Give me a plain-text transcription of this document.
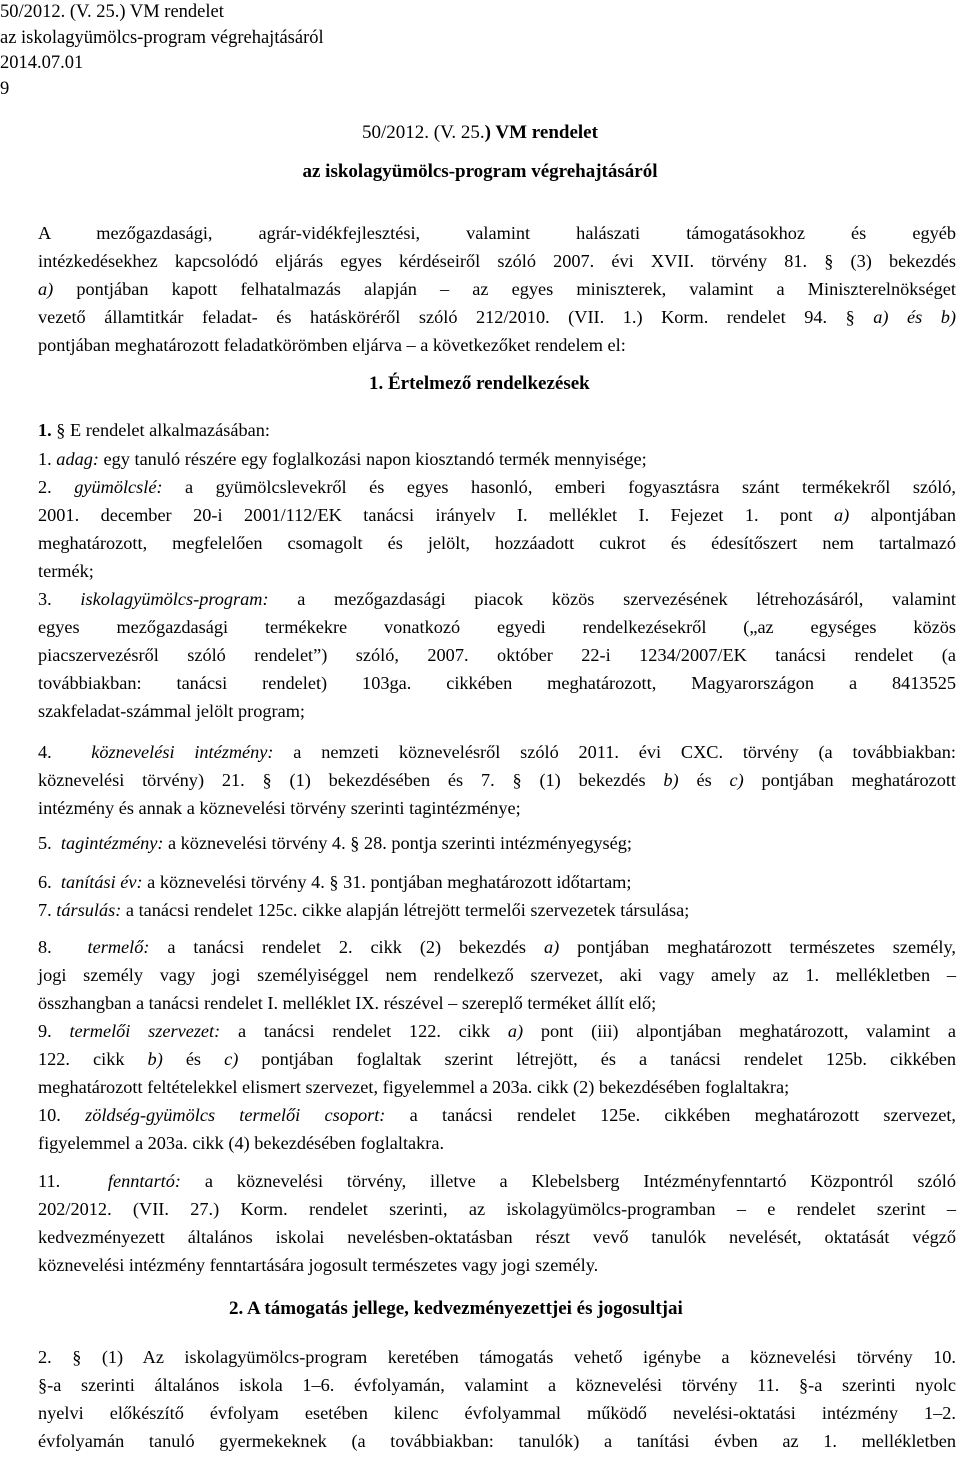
50/2012. (V. 25.) VM rendelet
az iskolagyümölcs-program végrehajtásáról
2014.07.01
9
50/2012. (V. 25.) VM rendelet
az iskolagyümölcs-program végrehajtásáról
A mezőgazdasági, agrár-vidékfejlesztési, valamint halászati támogatásokhoz és egyéb
intézkedésekhez kapcsolódó eljárás egyes kérdéseiről szóló 2007. évi XVII. törvény 81. § (3) bekezdés
a) pontjában kapott felhatalmazás alapján – az egyes miniszterek, valamint a Miniszterelnökséget
vezető államtitkár feladat- és hatásköréről szóló 212/2010. (VII. 1.) Korm. rendelet 94. § a) és b)
pontjában meghatározott feladatkörömben eljárva – a következőket rendelem el:
1. Értelmező rendelkezések
1. § E rendelet alkalmazásában:
1. adag: egy tanuló részére egy foglalkozási napon kiosztandó termék mennyisége;
2. gyümölcslé: a gyümölcslevekről és egyes hasonló, emberi fogyasztásra szánt termékekről szóló,
2001. december 20-i 2001/112/EK tanácsi irányelv I. melléklet I. Fejezet 1. pont a) alpontjában
meghatározott, megfelelően csomagolt és jelölt, hozzáadott cukrot és édesítőszert nem tartalmazó
termék;
3. iskolagyümölcs-program: a mezőgazdasági piacok közös szervezésének létrehozásáról, valamint
egyes mezőgazdasági termékekre vonatkozó egyedi rendelkezésekről („az egységes közös
piacszervezésről szóló rendelet”) szóló, 2007. október 22-i 1234/2007/EK tanácsi rendelet (a
továbbiakban: tanácsi rendelet) 103ga. cikkében meghatározott, Magyarországon a 8413525
szakfeladat-számmal jelölt program;
4. köznevelési intézmény: a nemzeti köznevelésről szóló 2011. évi CXC. törvény (a továbbiakban:
köznevelési törvény) 21. § (1) bekezdésében és 7. § (1) bekezdés b) és c) pontjában meghatározott
intézmény és annak a köznevelési törvény szerinti tagintézménye;
5. tagintézmény: a köznevelési törvény 4. § 28. pontja szerinti intézményegység;
6. tanítási év: a köznevelési törvény 4. § 31. pontjában meghatározott időtartam;
7. társulás: a tanácsi rendelet 125c. cikke alapján létrejött termelői szervezetek társulása;
8. termelő: a tanácsi rendelet 2. cikk (2) bekezdés a) pontjában meghatározott természetes személy,
jogi személy vagy jogi személyiséggel nem rendelkező szervezet, aki vagy amely az 1. mellékletben –
összhangban a tanácsi rendelet I. melléklet IX. részével – szereplő terméket állít elő;
9. termelői szervezet: a tanácsi rendelet 122. cikk a) pont (iii) alpontjában meghatározott, valamint a
122. cikk b) és c) pontjában foglaltak szerint létrejött, és a tanácsi rendelet 125b. cikkében
meghatározott feltételekkel elismert szervezet, figyelemmel a 203a. cikk (2) bekezdésében foglaltakra;
10. zöldség-gyümölcs termelői csoport: a tanácsi rendelet 125e. cikkében meghatározott szervezet,
figyelemmel a 203a. cikk (4) bekezdésében foglaltakra.
11.	fenntartó: a köznevelési törvény, illetve a Klebelsberg Intézményfenntartó Központról szóló
202/2012. (VII. 27.) Korm. rendelet szerinti, az iskolagyümölcs-programban – e rendelet szerint –
kedvezményezett általános iskolai nevelésben-oktatásban részt vevő tanulók nevelését, oktatását végző
köznevelési intézmény fenntartására jogosult természetes vagy jogi személy.
2. A támogatás jellege, kedvezményezettjei és jogosultjai
2. § (1) Az iskolagyümölcs-program keretében támogatás vehető igénybe a köznevelési törvény 10.
§-a szerinti általános iskola 1–6. évfolyamán, valamint a köznevelési törvény 11. §-a szerinti nyolc
nyelvi előkészítő évfolyam esetében kilenc évfolyammal működő nevelési-oktatási intézmény 1–2.
évfolyamán tanuló gyermekeknek (a továbbiakban: tanulók) a tanítási évben az 1. mellékletben
